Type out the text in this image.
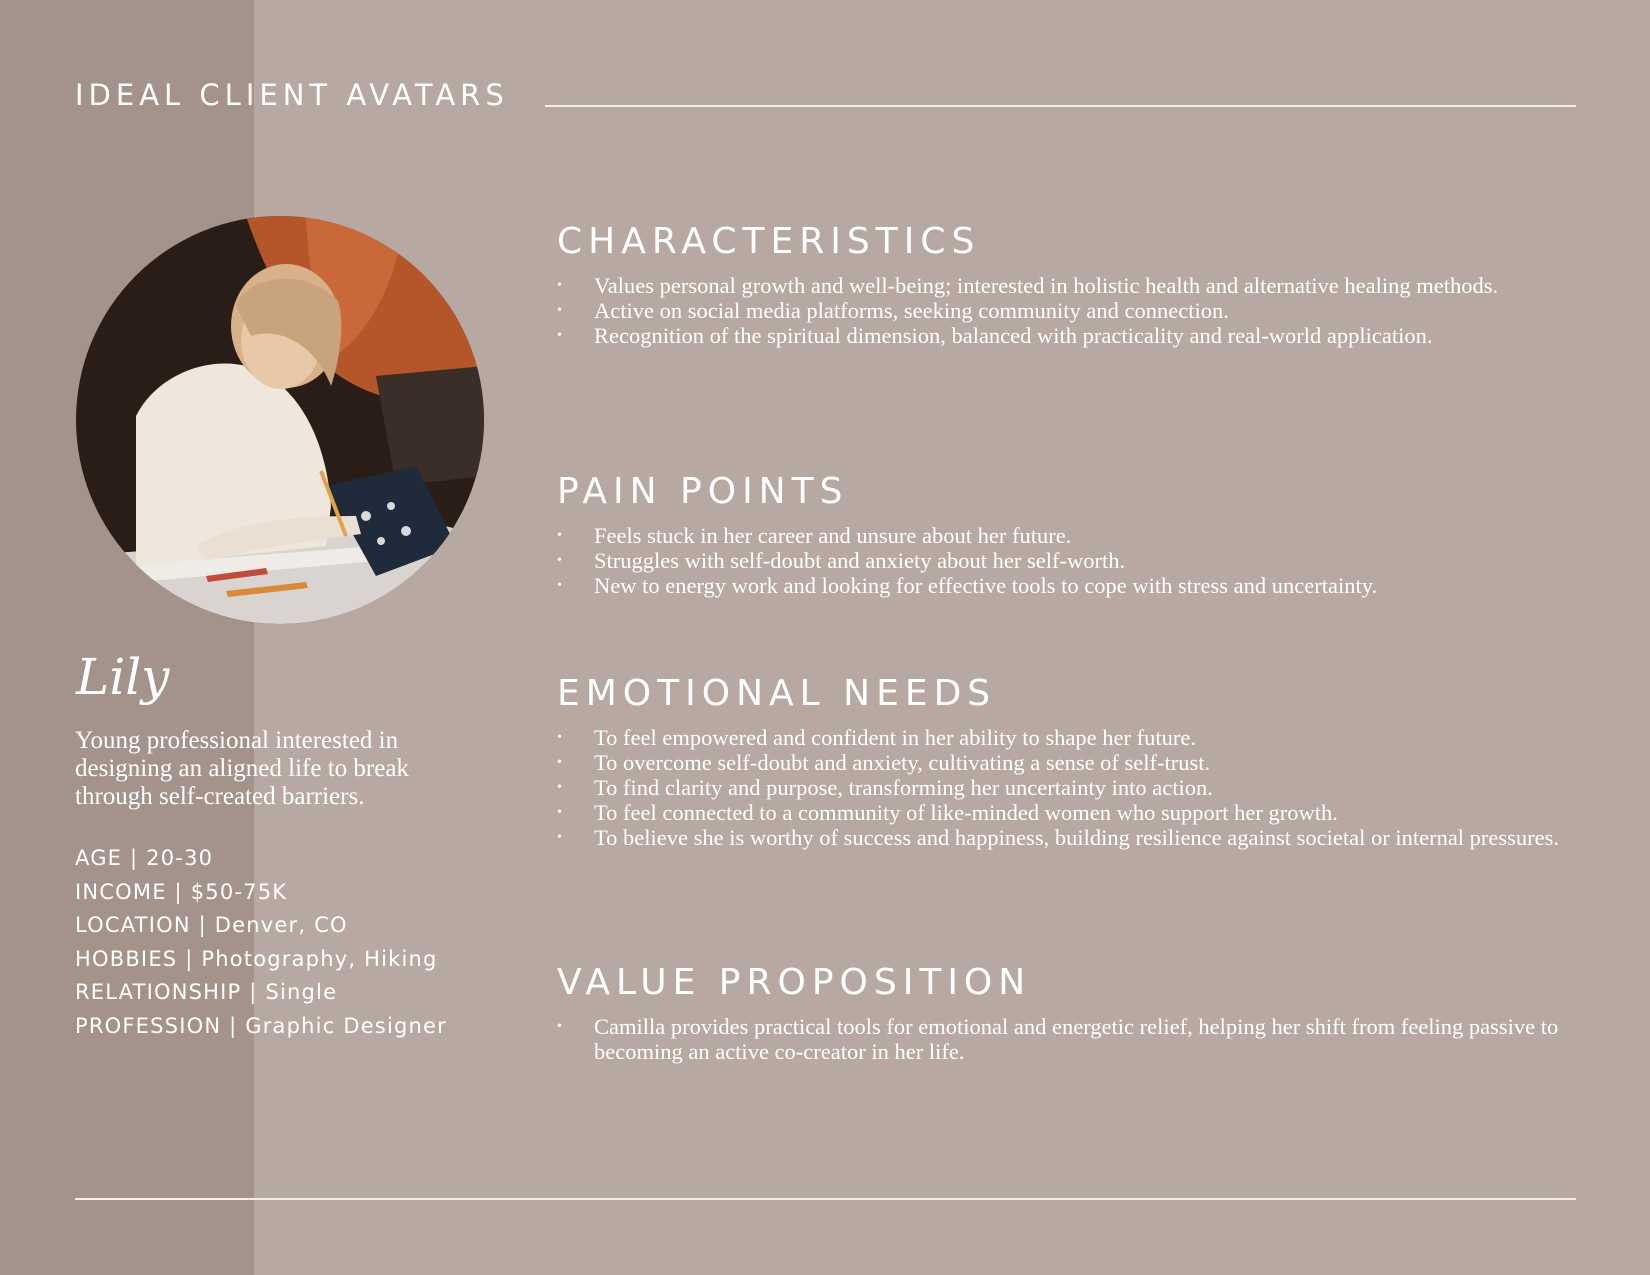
IDEAL CLIENT AVATARS

Lily

Young professional interested in designing an aligned life to break through self-created barriers.

AGE | 20-30
INCOME | $50-75K
LOCATION | Denver, CO
HOBBIES | Photography, Hiking
RELATIONSHIP | Single
PROFESSION | Graphic Designer
CHARACTERISTICS
• Values personal growth and well-being; interested in holistic health and alternative healing methods.
• Active on social media platforms, seeking community and connection.
• Recognition of the spiritual dimension, balanced with practicality and real-world application.
PAIN POINTS
• Feels stuck in her career and unsure about her future.
• Struggles with self-doubt and anxiety about her self-worth.
• New to energy work and looking for effective tools to cope with stress and uncertainty.
EMOTIONAL NEEDS
• To feel empowered and confident in her ability to shape her future.
• To overcome self-doubt and anxiety, cultivating a sense of self-trust.
• To find clarity and purpose, transforming her uncertainty into action.
• To feel connected to a community of like-minded women who support her growth.
• To believe she is worthy of success and happiness, building resilience against societal or internal pressures.
VALUE PROPOSITION
• Camilla provides practical tools for emotional and energetic relief, helping her shift from feeling passive to becoming an active co-creator in her life.
